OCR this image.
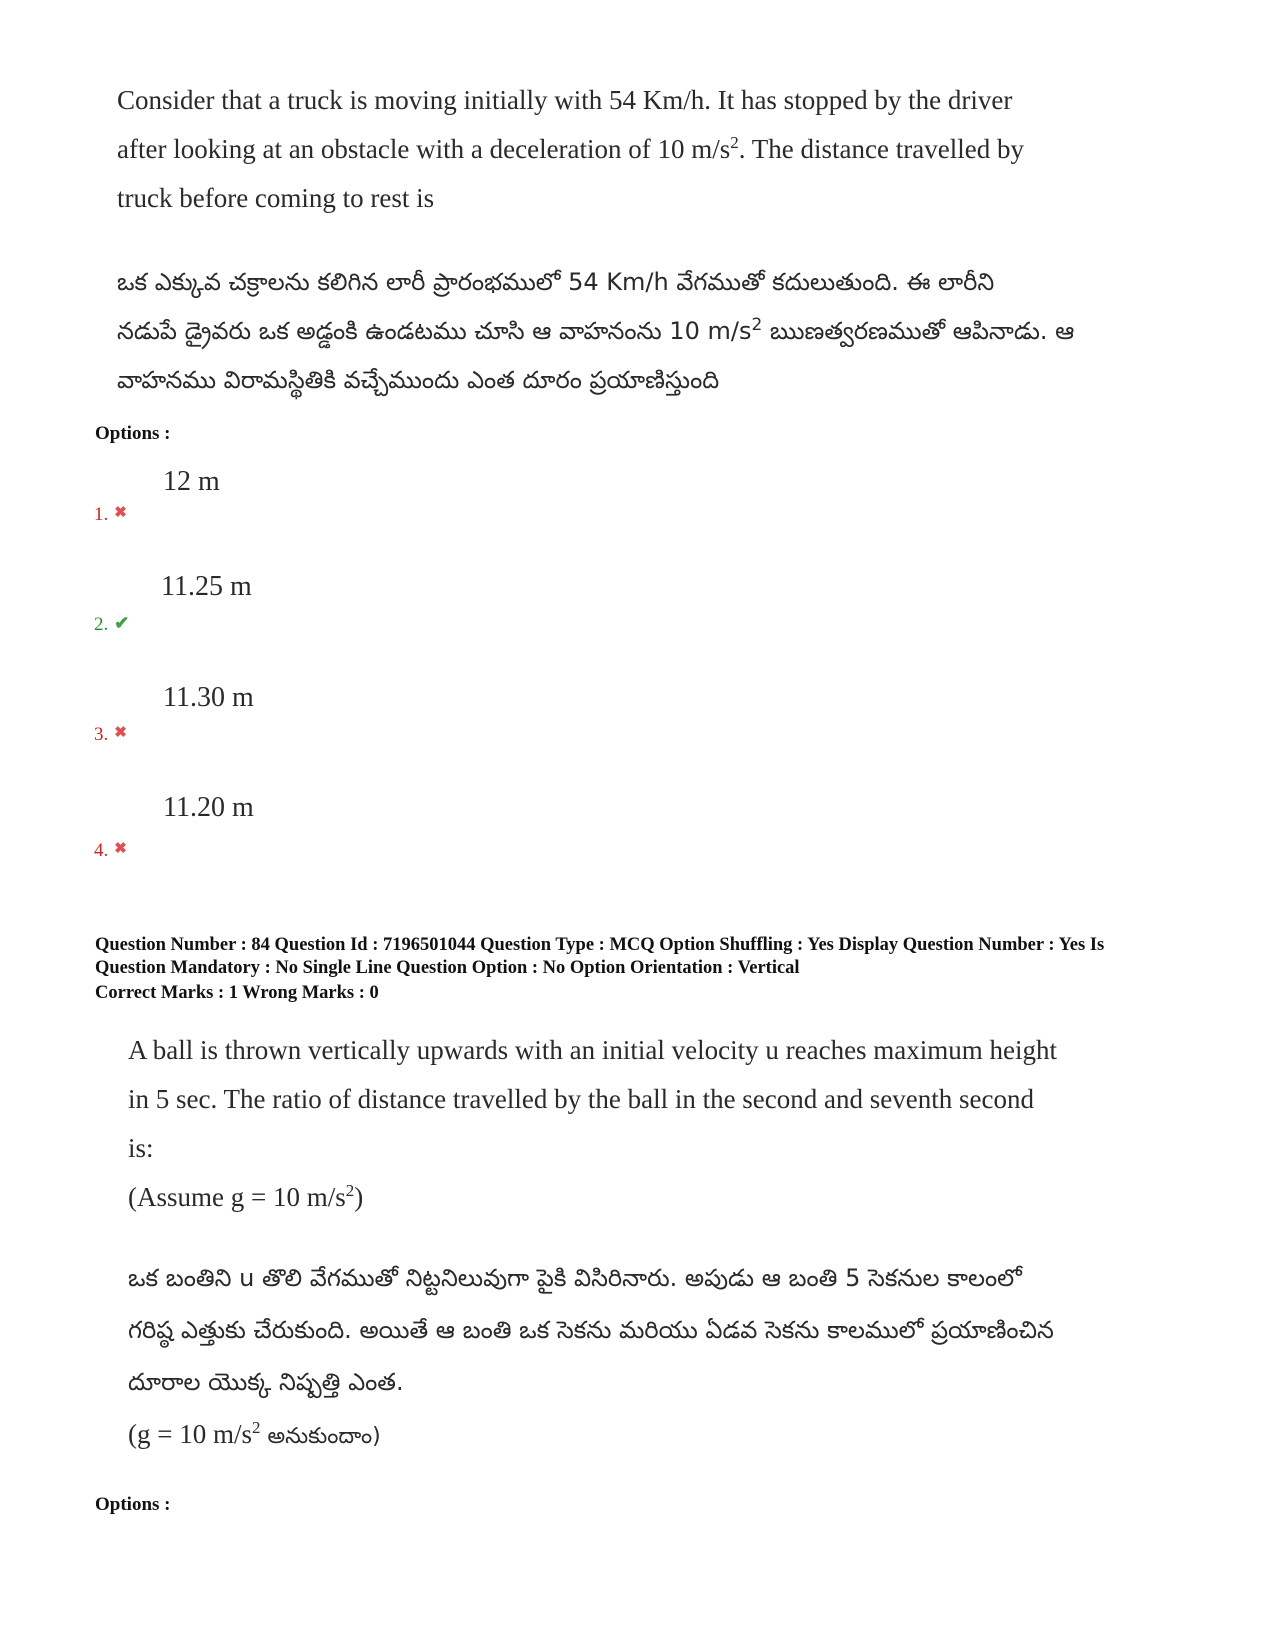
Consider that a truck is moving initially with 54 Km/h. It has stopped by the driver
after looking at an obstacle with a deceleration of 10 $m/s^2$. The distance travelled by
truck before coming to rest is
ఒక ఎక్కువ చక్రాలను కలిగిన లారీ ప్రారంభములో 54 Km/h వేగముతో కదులుతుంది. ఈ లారీని
నడుపే డ్రైవరు ఒక అడ్డంకి ఉండటము చూసి ఆ వాహనంను 10 $m/s^2$ ఋణత్వరణముతో ఆపినాడు. ఆ
వాహనము విరామస్థితికి వచ్చేముందు ఎంత దూరం ప్రయాణిస్తుంది
Options :
12 m
1. ✖
11.25 m
2. ✔
11.30 m
3. ✖
11.20 m
4. ✖
Question Number : 84 Question Id : 7196501044 Question Type : MCQ Option Shuffling : Yes Display Question Number : Yes Is
Question Mandatory : No Single Line Question Option : No Option Orientation : Vertical
Correct Marks : 1 Wrong Marks : 0
A ball is thrown vertically upwards with an initial velocity u reaches maximum height
in 5 sec. The ratio of distance travelled by the ball in the second and seventh second
is:
(Assume g = 10 $m/s^2$)
ఒక బంతిని u తొలి వేగముతో నిట్టనిలువుగా పైకి విసిరినారు. అపుడు ఆ బంతి 5 సెకనుల కాలంలో
గరిష్ఠ ఎత్తుకు చేరుకుంది. అయితే ఆ బంతి ఒక సెకను మరియు ఏడవ సెకను కాలములో ప్రయాణించిన
దూరాల యొక్క నిష్పత్తి ఎంత.
(g = 10 $m/s^2$ అనుకుందాం)
Options :
